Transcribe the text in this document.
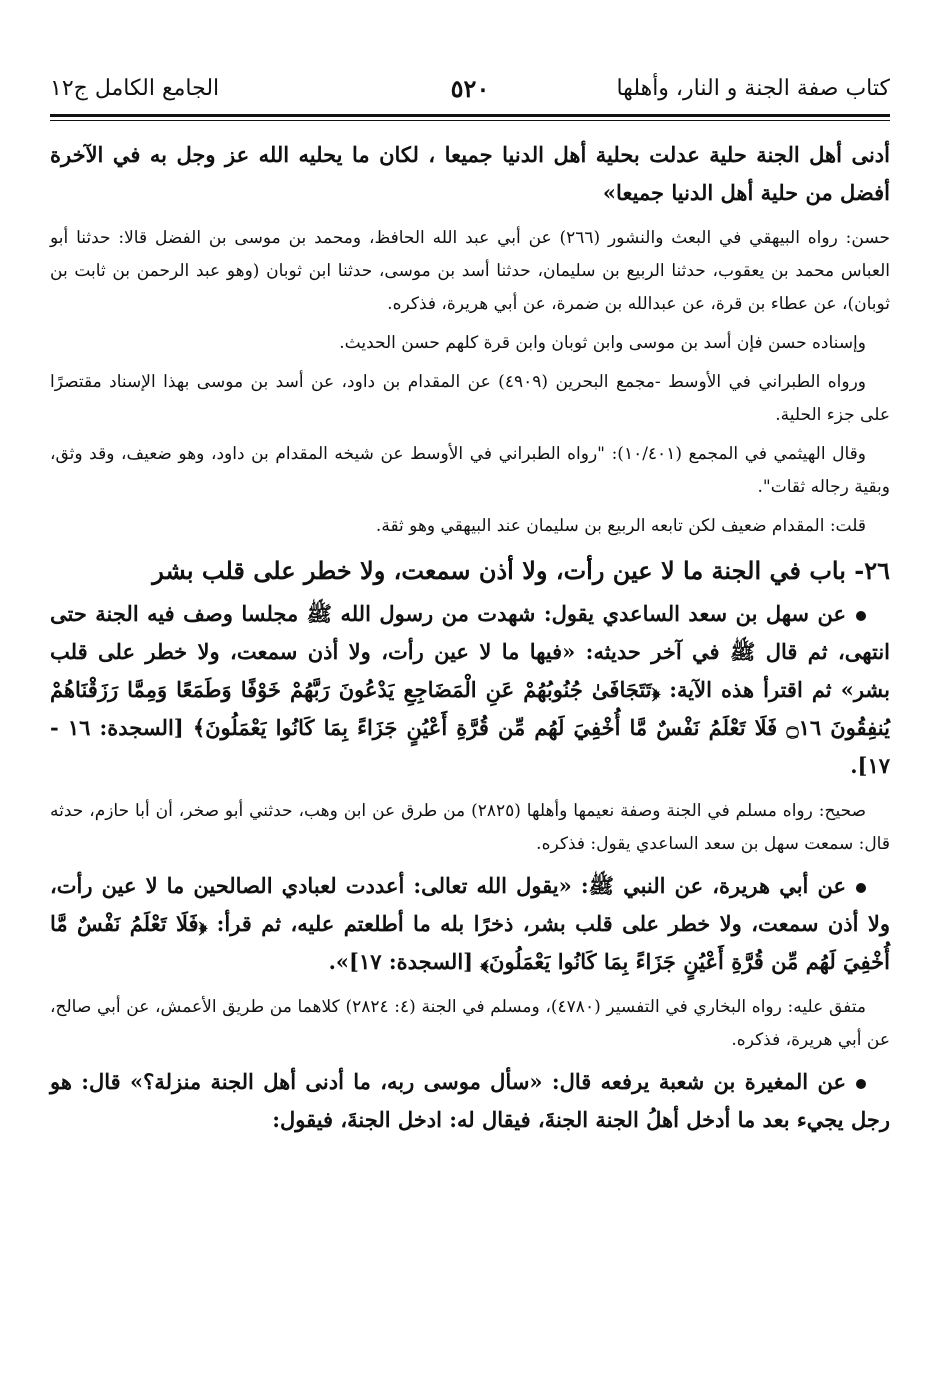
كتاب صفة الجنة و النار، وأهلها
٥٢٠
الجامع الكامل ج١٢

أدنى أهل الجنة حلية عدلت بحلية أهل الدنيا جميعا ، لكان ما يحليه الله عز وجل به في الآخرة أفضل من حلية أهل الدنيا جميعا»

حسن: رواه البيهقي في البعث والنشور (٢٦٦) عن أبي عبد الله الحافظ، ومحمد بن موسى بن الفضل قالا: حدثنا أبو العباس محمد بن يعقوب، حدثنا الربيع بن سليمان، حدثنا أسد بن موسى، حدثنا ابن ثوبان (وهو عبد الرحمن بن ثابت بن ثوبان)، عن عطاء بن قرة، عن عبدالله بن ضمرة، عن أبي هريرة، فذكره.

وإسناده حسن فإن أسد بن موسى وابن ثوبان وابن قرة كلهم حسن الحديث.

ورواه الطبراني في الأوسط -مجمع البحرين (٤٩٠٩) عن المقدام بن داود، عن أسد بن موسى بهذا الإسناد مقتصرًا على جزء الحلية.

وقال الهيثمي في المجمع (١٠/٤٠١): "رواه الطبراني في الأوسط عن شيخه المقدام بن داود، وهو ضعيف، وقد وثق، وبقية رجاله ثقات".

قلت: المقدام ضعيف لكن تابعه الربيع بن سليمان عند البيهقي وهو ثقة.

٢٦- باب في الجنة ما لا عين رأت، ولا أذن سمعت، ولا خطر على قلب بشر

عن سهل بن سعد الساعدي يقول: شهدت من رسول الله ﷺ مجلسا وصف فيه الجنة حتى انتهى، ثم قال ﷺ في آخر حديثه: «فيها ما لا عين رأت، ولا أذن سمعت، ولا خطر على قلب بشر» ثم اقترأ هذه الآية: ﴿تَتَجَافَىٰ جُنُوبُهُمْ عَنِ الْمَضَاجِعِ يَدْعُونَ رَبَّهُمْ خَوْفًا وَطَمَعًا وَمِمَّا رَزَقْنَاهُمْ يُنفِقُونَ ۝١٦ فَلَا تَعْلَمُ نَفْسٌ مَّا أُخْفِيَ لَهُم مِّن قُرَّةِ أَعْيُنٍ جَزَاءً بِمَا كَانُوا يَعْمَلُونَ﴾ [السجدة: ١٦ - ١٧].

صحيح: رواه مسلم في الجنة وصفة نعيمها وأهلها (٢٨٢٥) من طرق عن ابن وهب، حدثني أبو صخر، أن أبا حازم، حدثه قال: سمعت سهل بن سعد الساعدي يقول: فذكره.

عن أبي هريرة، عن النبي ﷺ: «يقول الله تعالى: أعددت لعبادي الصالحين ما لا عين رأت، ولا أذن سمعت، ولا خطر على قلب بشر، ذخرًا بله ما أطلعتم عليه، ثم قرأ: ﴿فَلَا تَعْلَمُ نَفْسٌ مَّا أُخْفِيَ لَهُم مِّن قُرَّةِ أَعْيُنٍ جَزَاءً بِمَا كَانُوا يَعْمَلُونَ﴾ [السجدة: ١٧]».

متفق عليه: رواه البخاري في التفسير (٤٧٨٠)، ومسلم في الجنة (٤: ٢٨٢٤) كلاهما من طريق الأعمش، عن أبي صالح، عن أبي هريرة، فذكره.

عن المغيرة بن شعبة يرفعه قال: «سأل موسى ربه، ما أدنى أهل الجنة منزلة؟» قال: هو رجل يجيء بعد ما أدخل أهلُ الجنة الجنةَ، فيقال له: ادخل الجنةَ، فيقول:
